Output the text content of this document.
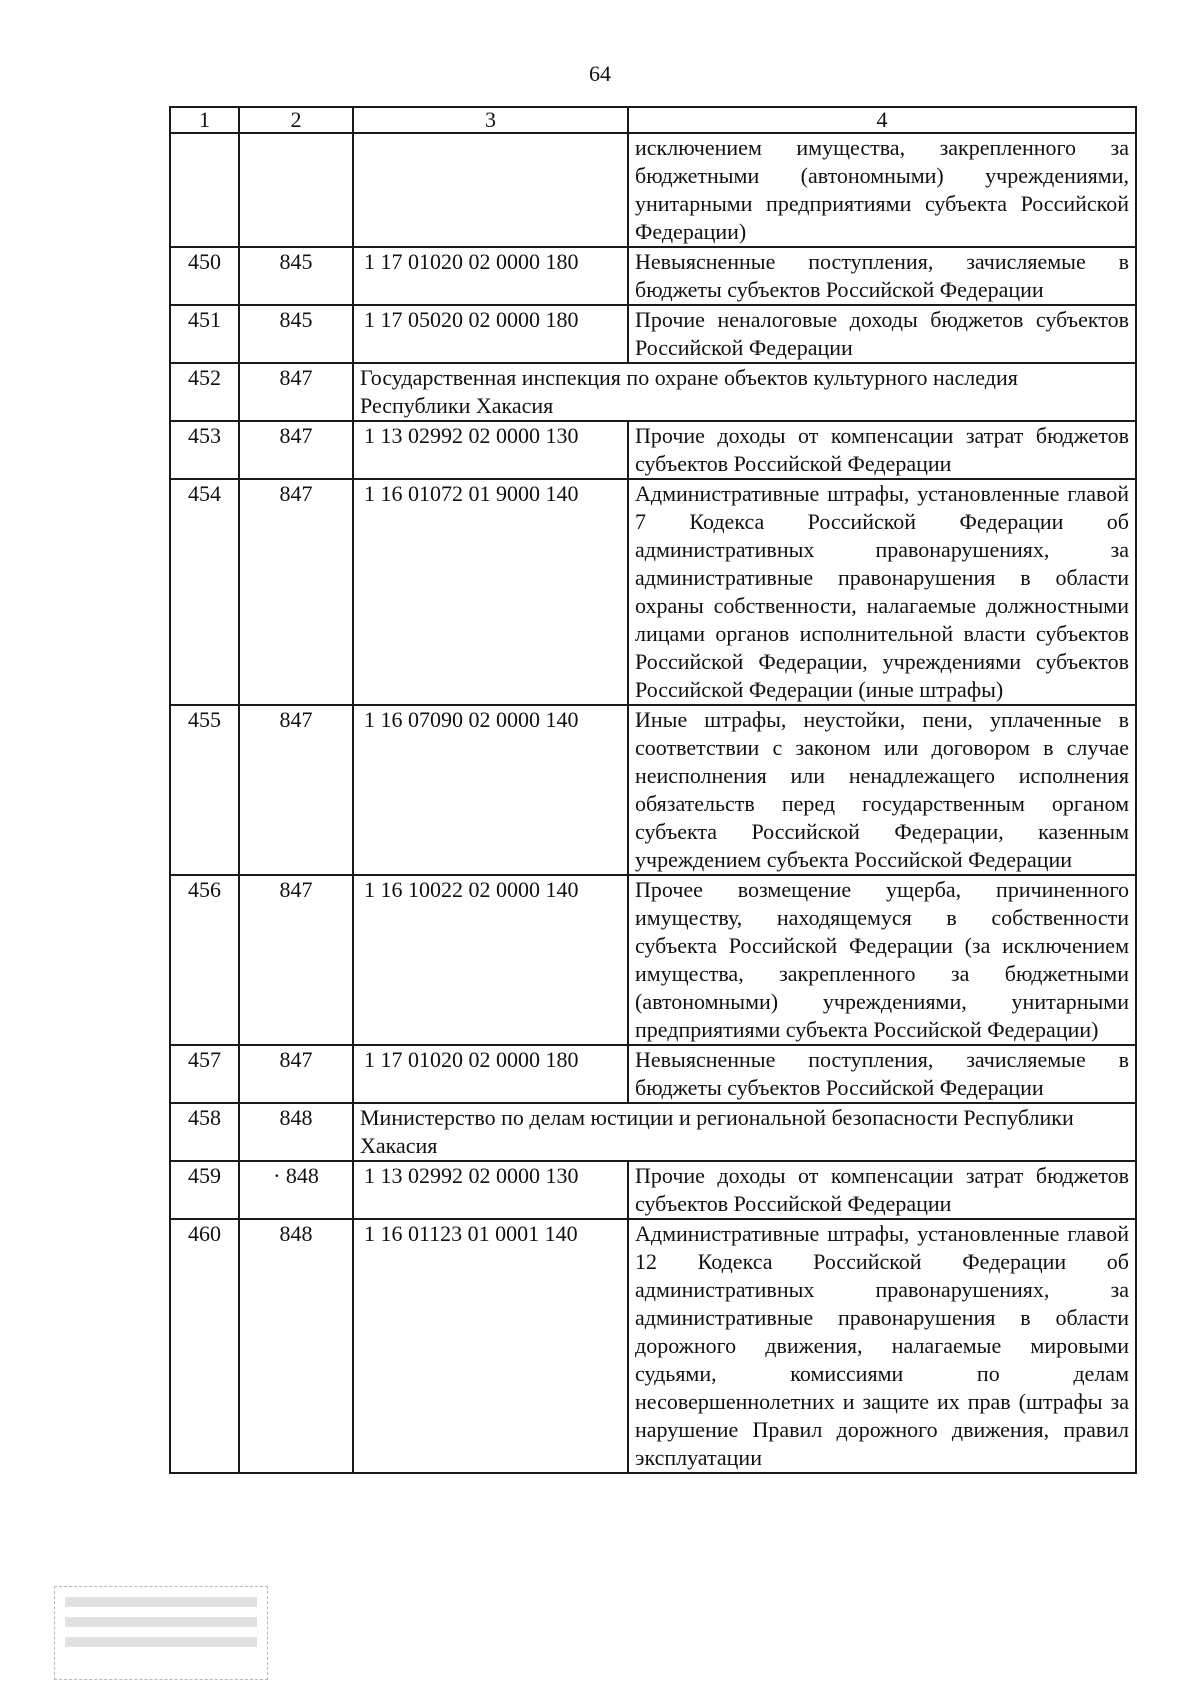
64
1	2	3	4
			исключением имущества, закрепленного за бюджетными (автономными) учреждениями, унитарными предприятиями субъекта Российской Федерации)
450	845	1 17 01020 02 0000 180	Невыясненные поступления, зачисляемые в бюджеты субъектов Российской Федерации
451	845	1 17 05020 02 0000 180	Прочие неналоговые доходы бюджетов субъектов Российской Федерации
452	847	Государственная инспекция по охране объектов культурного наследия Республики Хакасия	
453	847	1 13 02992 02 0000 130	Прочие доходы от компенсации затрат бюджетов субъектов Российской Федерации
454	847	1 16 01072 01 9000 140	Административные штрафы, установленные главой 7 Кодекса Российской Федерации об административных правонарушениях, за административные правонарушения в области охраны собственности, налагаемые должностными лицами органов исполнительной власти субъектов Российской Федерации, учреждениями субъектов Российской Федерации (иные штрафы)
455	847	1 16 07090 02 0000 140	Иные штрафы, неустойки, пени, уплаченные в соответствии с законом или договором в случае неисполнения или ненадлежащего исполнения обязательств перед государственным органом субъекта Российской Федерации, казенным учреждением субъекта Российской Федерации
456	847	1 16 10022 02 0000 140	Прочее возмещение ущерба, причиненного имуществу, находящемуся в собственности субъекта Российской Федерации (за исключением имущества, закрепленного за бюджетными (автономными) учреждениями, унитарными предприятиями субъекта Российской Федерации)
457	847	1 17 01020 02 0000 180	Невыясненные поступления, зачисляемые в бюджеты субъектов Российской Федерации
458	848	Министерство по делам юстиции и региональной безопасности Республики Хакасия	
459	· 848	1 13 02992 02 0000 130	Прочие доходы от компенсации затрат бюджетов субъектов Российской Федерации
460	848	1 16 01123 01 0001 140	Административные штрафы, установленные главой 12 Кодекса Российской Федерации об административных правонарушениях, за административные правонарушения в области дорожного движения, налагаемые мировыми судьями, комиссиями по делам несовершеннолетних и защите их прав (штрафы за нарушение Правил дорожного движения, правил эксплуатации
